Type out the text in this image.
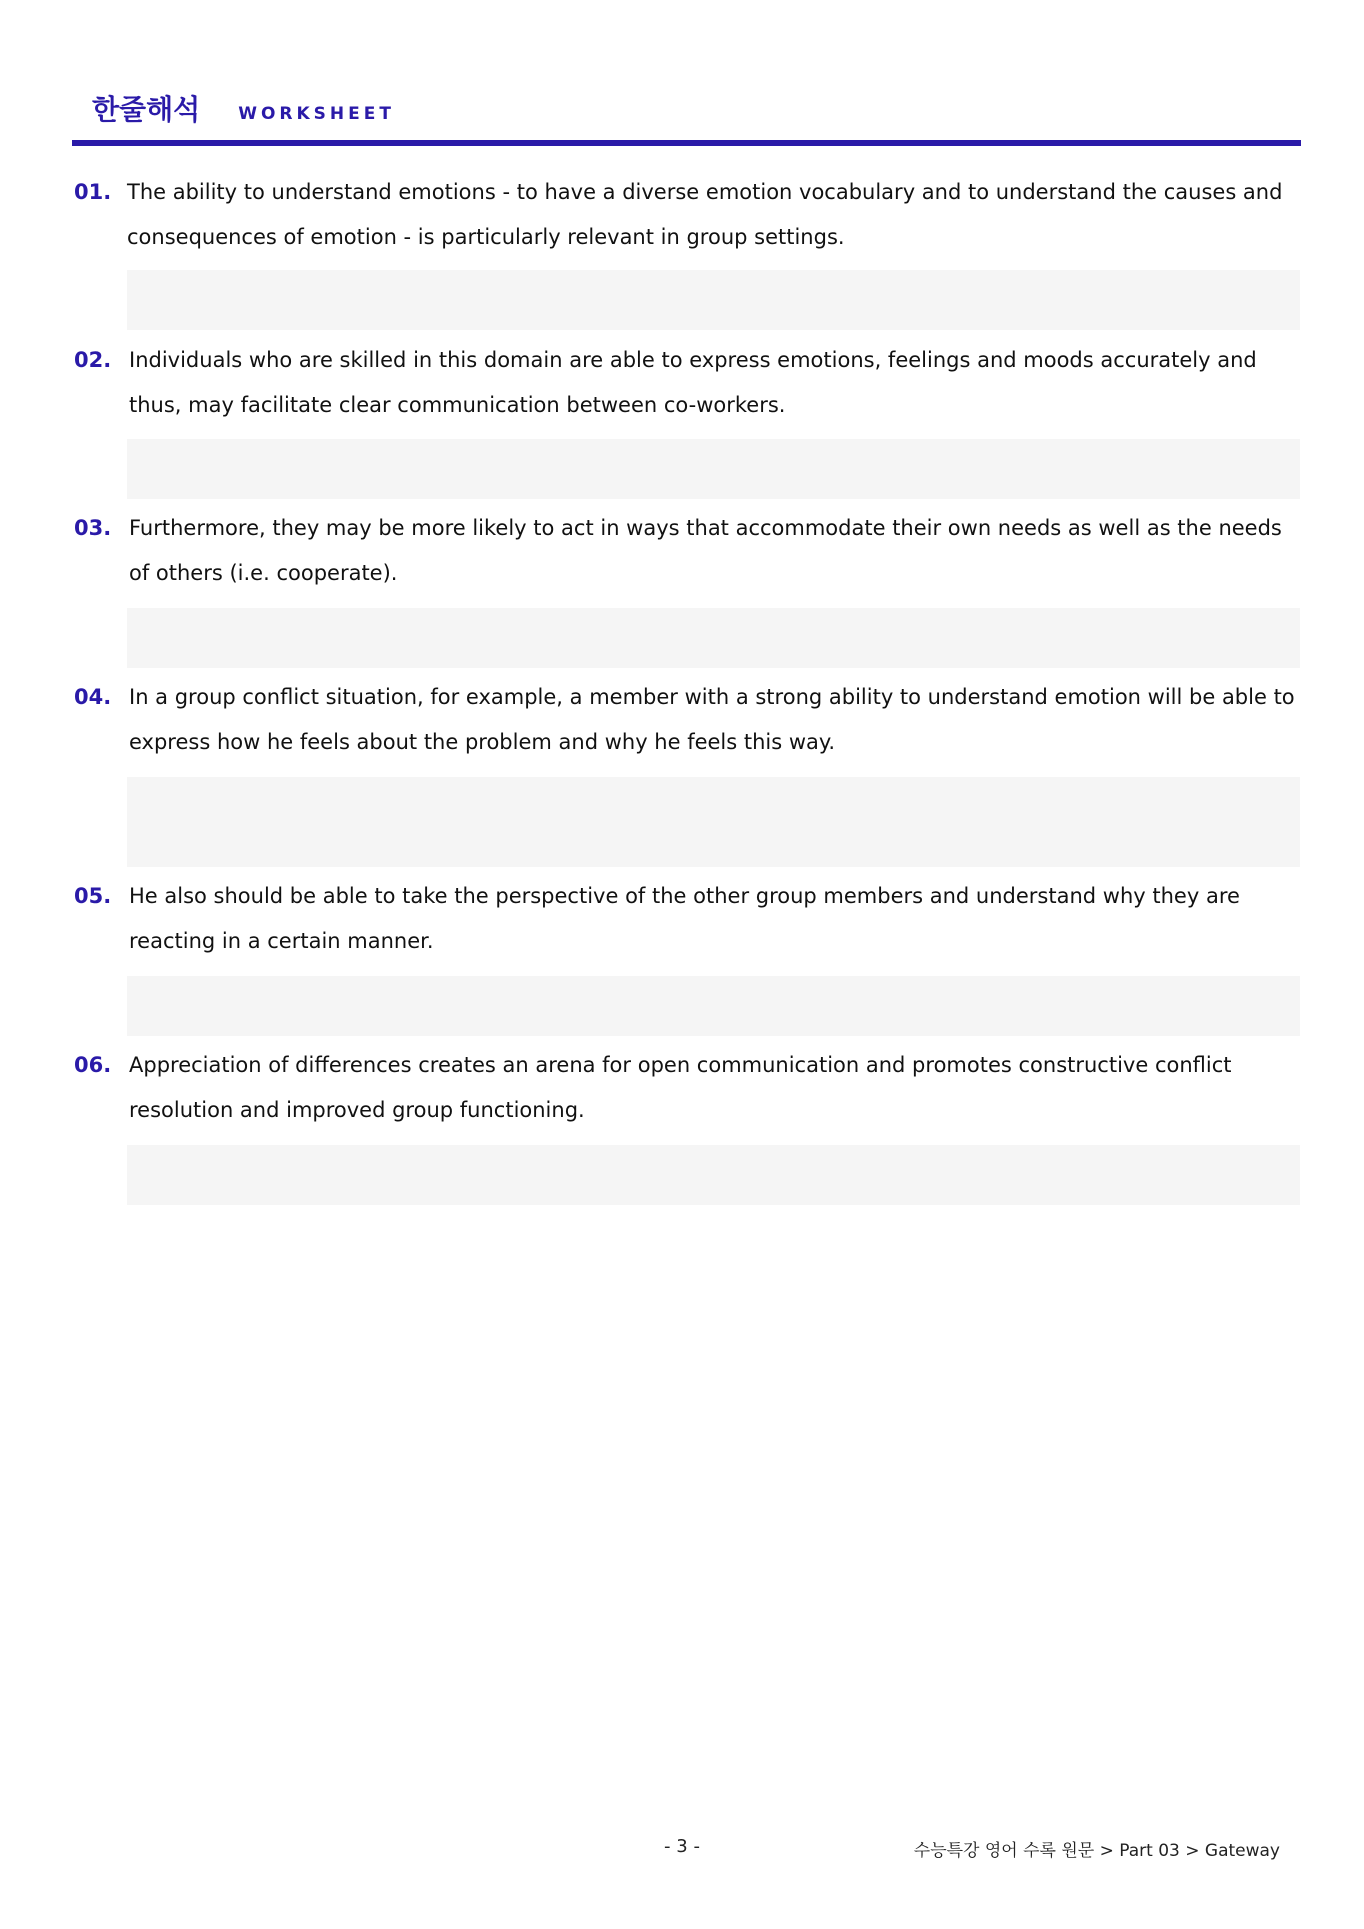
한줄해석 WORKSHEET
01. The ability to understand emotions - to have a diverse emotion vocabulary and to understand the causes and consequences of emotion - is particularly relevant in group settings.
02. Individuals who are skilled in this domain are able to express emotions, feelings and moods accurately and thus, may facilitate clear communication between co-workers.
03. Furthermore, they may be more likely to act in ways that accommodate their own needs as well as the needs of others (i.e. cooperate).
04. In a group conflict situation, for example, a member with a strong ability to understand emotion will be able to express how he feels about the problem and why he feels this way.
05. He also should be able to take the perspective of the other group members and understand why they are reacting in a certain manner.
06. Appreciation of differences creates an arena for open communication and promotes constructive conflict resolution and improved group functioning.
- 3 -	수능특강 영어 수록 원문 > Part 03 > Gateway
